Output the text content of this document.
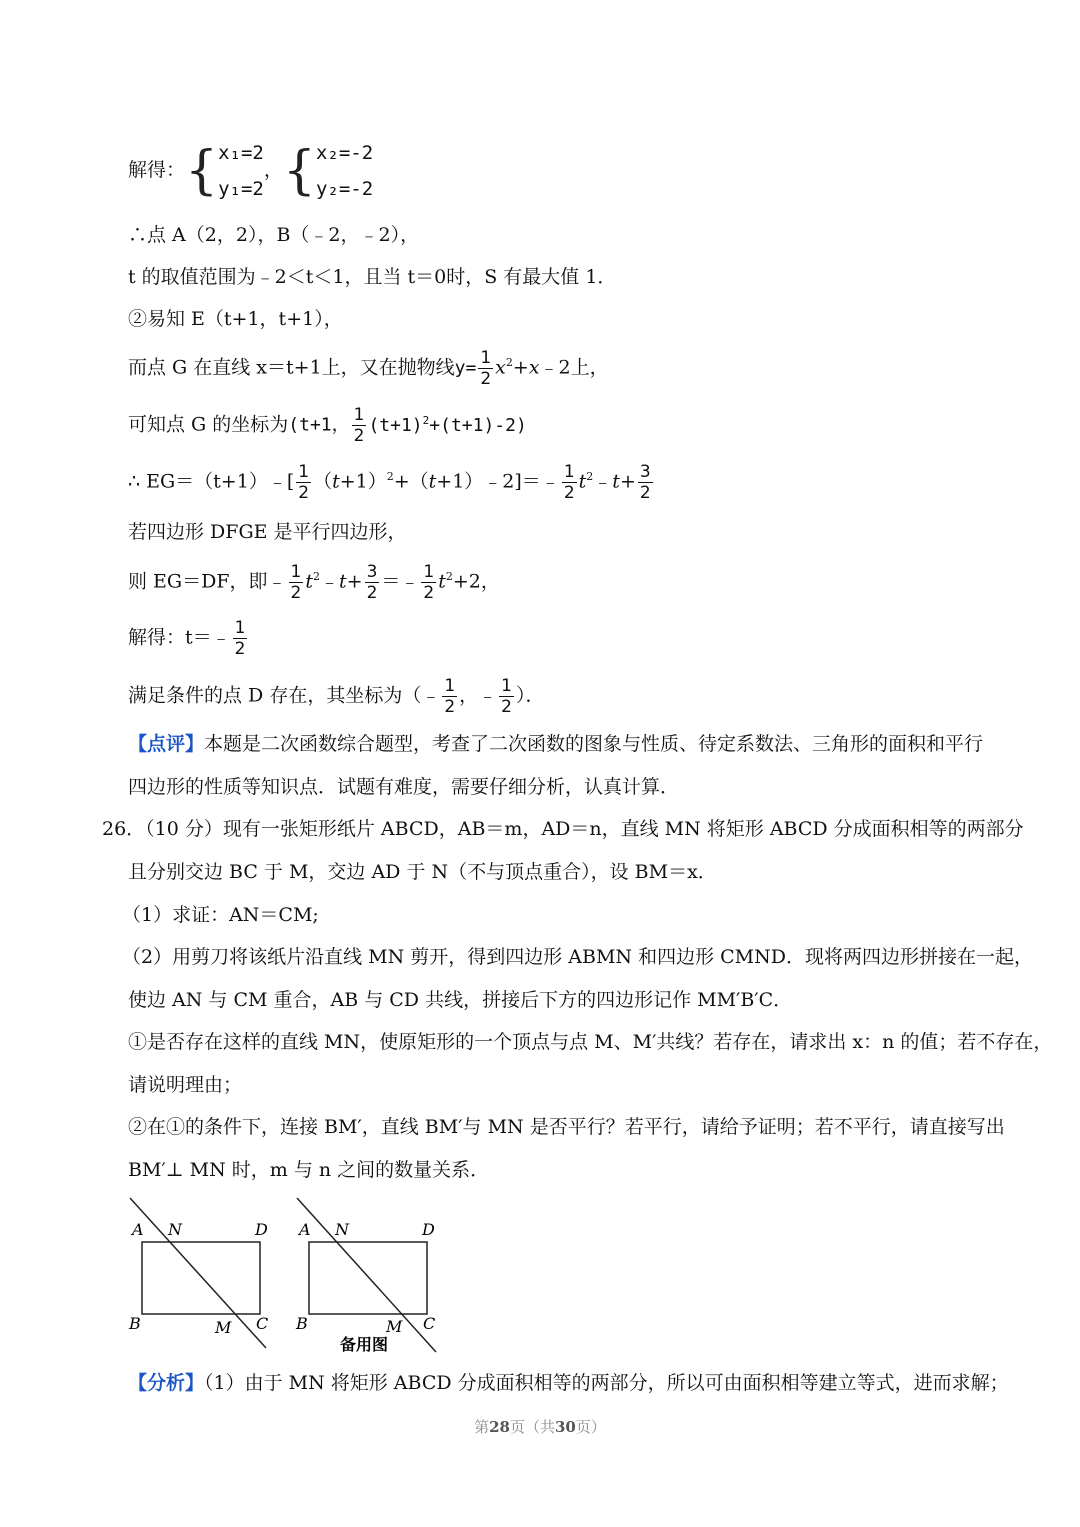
解得：{x₁=2
y₁=2，{x₂=-2
y₂=-2
∴点 A（2，2），B（﹣2，﹣2），
t 的取值范围为﹣2＜t＜1，且当 t＝0时，S 有最大值 1．
②易知 E（t+1，t+1），
而点 G 在直线 x＝t+1上，又在抛物线$y= \frac{1}{2}$ $x^2+x﹣2$上，
可知点 G 的坐标为(t+1， $\frac{1}{2} (t+1)^2+(t+1)-2$)
∴ EG＝（t+1）﹣[ $\frac{1}{2}$ $(t+1)^2+(t+1)﹣2]=﹣ \frac{1}{2}$ $t^2﹣t+ \frac{3}{2}$
若四边形 DFGE 是平行四边形，
则 EG＝DF，即﹣ $\frac{1}{2}$ $t^2﹣t+ \frac{3}{2}$ ＝﹣ $\frac{1}{2} t^2+2$，
解得：t＝﹣ $\frac{1}{2}$
满足条件的点 D 存在，其坐标为（﹣ $\frac{1}{2}$ ，﹣ $\frac{1}{2}$ ）．
【点评】本题是二次函数综合题型，考查了二次函数的图象与性质、待定系数法、三角形的面积和平行
四边形的性质等知识点．试题有难度，需要仔细分析，认真计算．
26．（10 分）现有一张矩形纸片 ABCD，AB＝m，AD＝n，直线 MN 将矩形 ABCD 分成面积相等的两部分
且分别交边 BC 于 M，交边 AD 于 N（不与顶点重合），设 BM＝x．
（1）求证：AN＝CM;
（2）用剪刀将该纸片沿直线 MN 剪开，得到四边形 ABMN 和四边形 CMND．现将两四边形拼接在一起，
使边 AN 与 CM 重合，AB 与 CD 共线，拼接后下方的四边形记作 MM′B′C．
①是否存在这样的直线 MN，使原矩形的一个顶点与点 M、M′共线？若存在，请求出 x：n 的值；若不存在，
请说明理由；
②在①的条件下，连接 BM′，直线 BM′与 MN 是否平行？若平行，请给予证明；若不平行，请直接写出
BM′⊥ MN 时，m 与 n 之间的数量关系．
A N	D
B	M C
A N	D
B	M C
备用图
【分析】（1）由于 MN 将矩形 ABCD 分成面积相等的两部分，所以可由面积相等建立等式，进而求解；
第28页（共30页）
